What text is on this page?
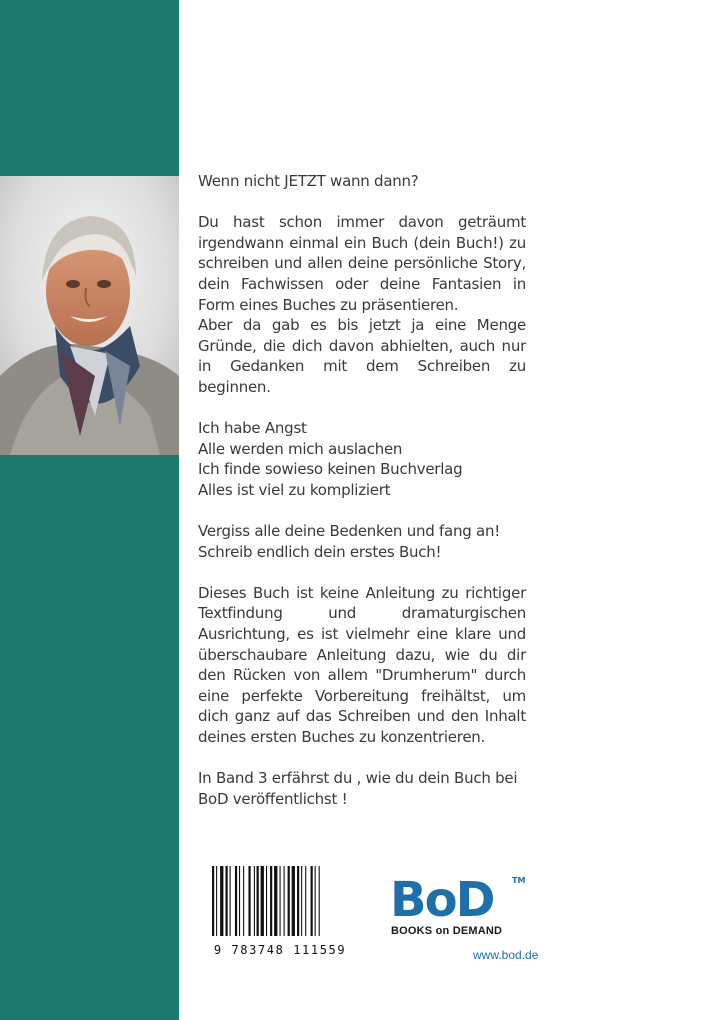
Wenn nicht JETZT wann dann?

Du hast schon immer davon geträumt irgendwann einmal ein Buch (dein Buch!) zu schreiben und allen deine persönliche Story, dein Fachwissen oder deine Fantasien in Form eines Buches zu präsentieren.

Aber da gab es bis jetzt ja eine Menge Gründe, die dich davon abhielten, auch nur in Gedanken mit dem Schreiben zu beginnen.

Ich habe Angst

Alle werden mich auslachen

Ich finde sowieso keinen Buchverlag

Alles ist viel zu kompliziert

Vergiss alle deine Bedenken und fang an!

Schreib endlich dein erstes Buch!

Dieses Buch ist keine Anleitung zu richtiger Textfindung und dramaturgischen Ausrichtung, es ist vielmehr eine klare und überschaubare Anleitung dazu, wie du dir den Rücken von allem "Drumherum" durch eine perfekte Vorbereitung freihältst, um dich ganz auf das Schreiben und den Inhalt deines ersten Buches zu konzentrieren.

In Band 3 erfährst du , wie du dein Buch bei BoD veröffentlichst !

9 783748 111559
BoD TM
BOOKS on DEMAND
www.bod.de
